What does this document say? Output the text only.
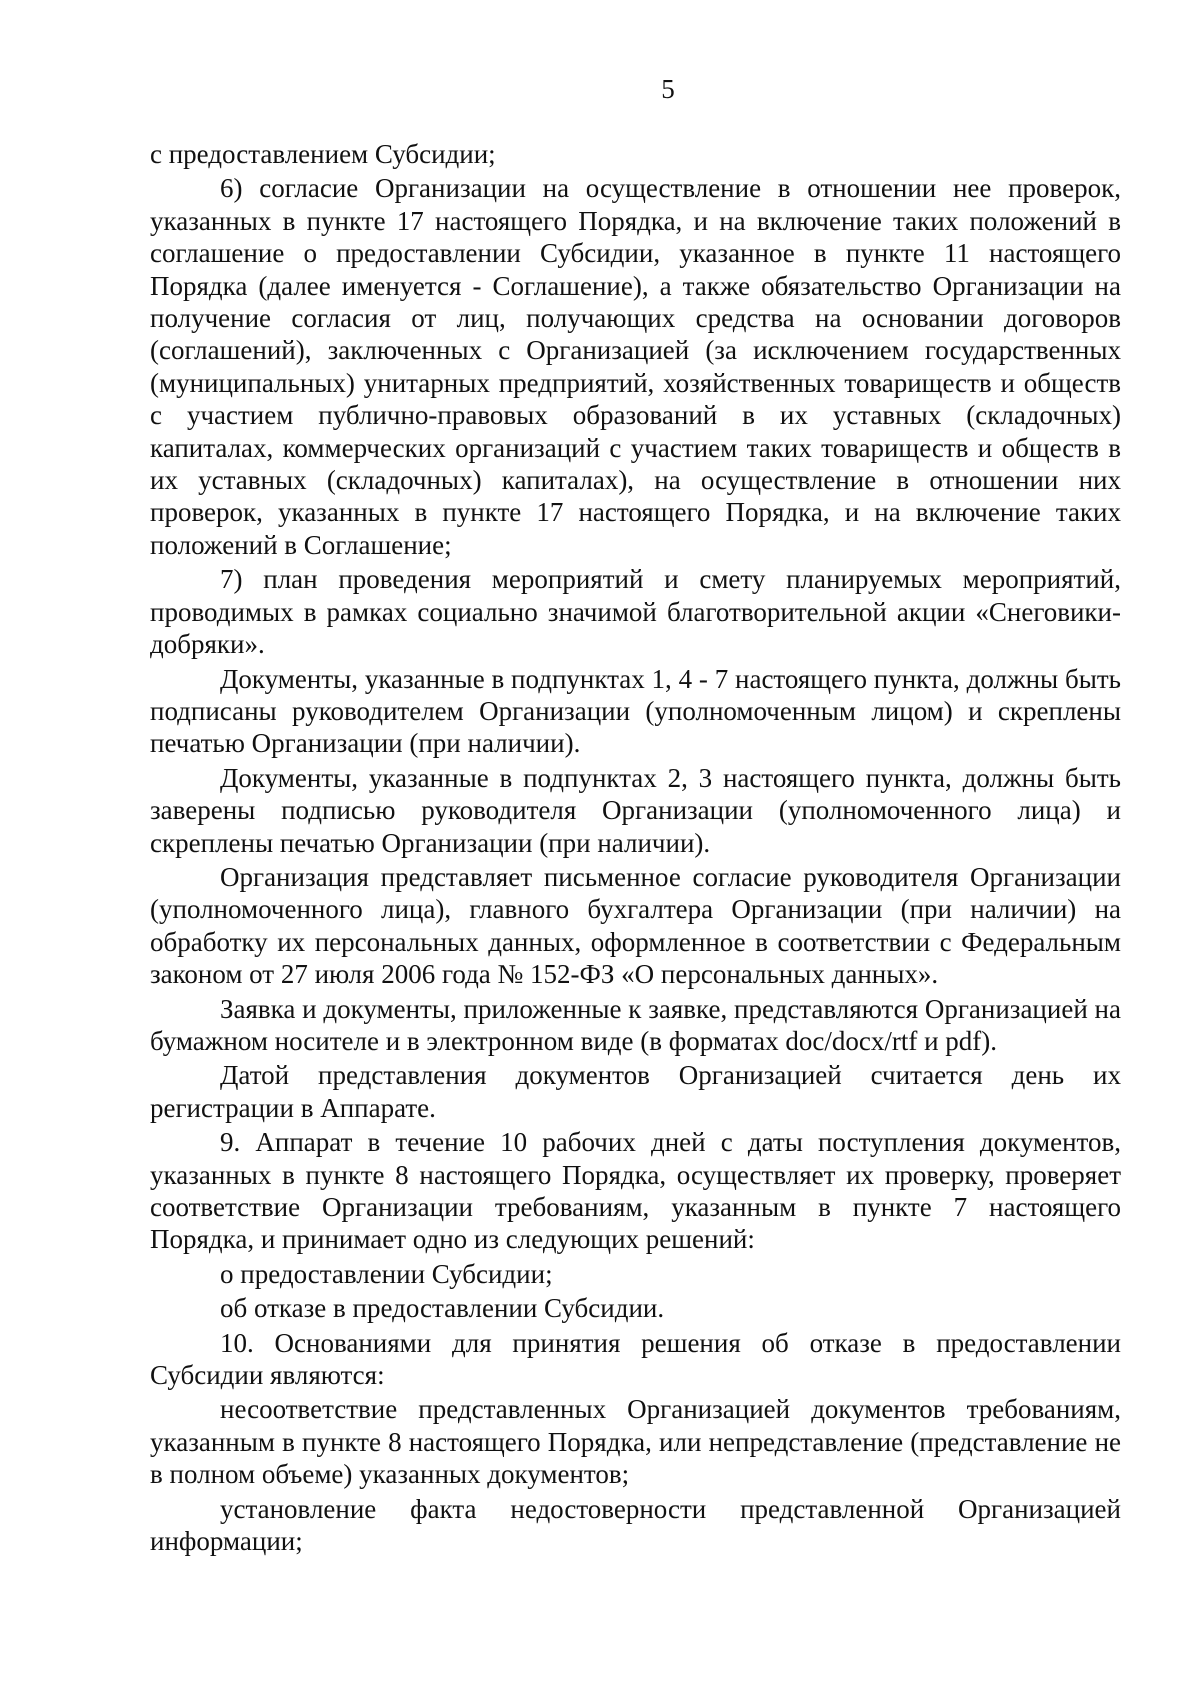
5

с предоставлением Субсидии;

6) согласие Организации на осуществление в отношении нее проверок, указанных в пункте 17 настоящего Порядка, и на включение таких положений в соглашение о предоставлении Субсидии, указанное в пункте 11 настоящего Порядка (далее именуется - Соглашение), а также обязательство Организации на получение согласия от лиц, получающих средства на основании договоров (соглашений), заключенных с Организацией (за исключением государственных (муниципальных) унитарных предприятий, хозяйственных товариществ и обществ с участием публично-правовых образований в их уставных (складочных) капиталах, коммерческих организаций с участием таких товариществ и обществ в их уставных (складочных) капиталах), на осуществление в отношении них проверок, указанных в пункте 17 настоящего Порядка, и на включение таких положений в Соглашение;

7) план проведения мероприятий и смету планируемых мероприятий, проводимых в рамках социально значимой благотворительной акции «Снеговики-добряки».

Документы, указанные в подпунктах 1, 4 - 7 настоящего пункта, должны быть подписаны руководителем Организации (уполномоченным лицом) и скреплены печатью Организации (при наличии).

Документы, указанные в подпунктах 2, 3 настоящего пункта, должны быть заверены подписью руководителя Организации (уполномоченного лица) и скреплены печатью Организации (при наличии).

Организация представляет письменное согласие руководителя Организации (уполномоченного лица), главного бухгалтера Организации (при наличии) на обработку их персональных данных, оформленное в соответствии с Федеральным законом от 27 июля 2006 года № 152-ФЗ «О персональных данных».

Заявка и документы, приложенные к заявке, представляются Организацией на бумажном носителе и в электронном виде (в форматах doc/docx/rtf и pdf).

Датой представления документов Организацией считается день их регистрации в Аппарате.

9. Аппарат в течение 10 рабочих дней с даты поступления документов, указанных в пункте 8 настоящего Порядка, осуществляет их проверку, проверяет соответствие Организации требованиям, указанным в пункте 7 настоящего Порядка, и принимает одно из следующих решений:

о предоставлении Субсидии;

об отказе в предоставлении Субсидии.

10. Основаниями для принятия решения об отказе в предоставлении Субсидии являются:

несоответствие представленных Организацией документов требованиям, указанным в пункте 8 настоящего Порядка, или непредставление (представление не в полном объеме) указанных документов;

установление факта недостоверности представленной Организацией информации;
